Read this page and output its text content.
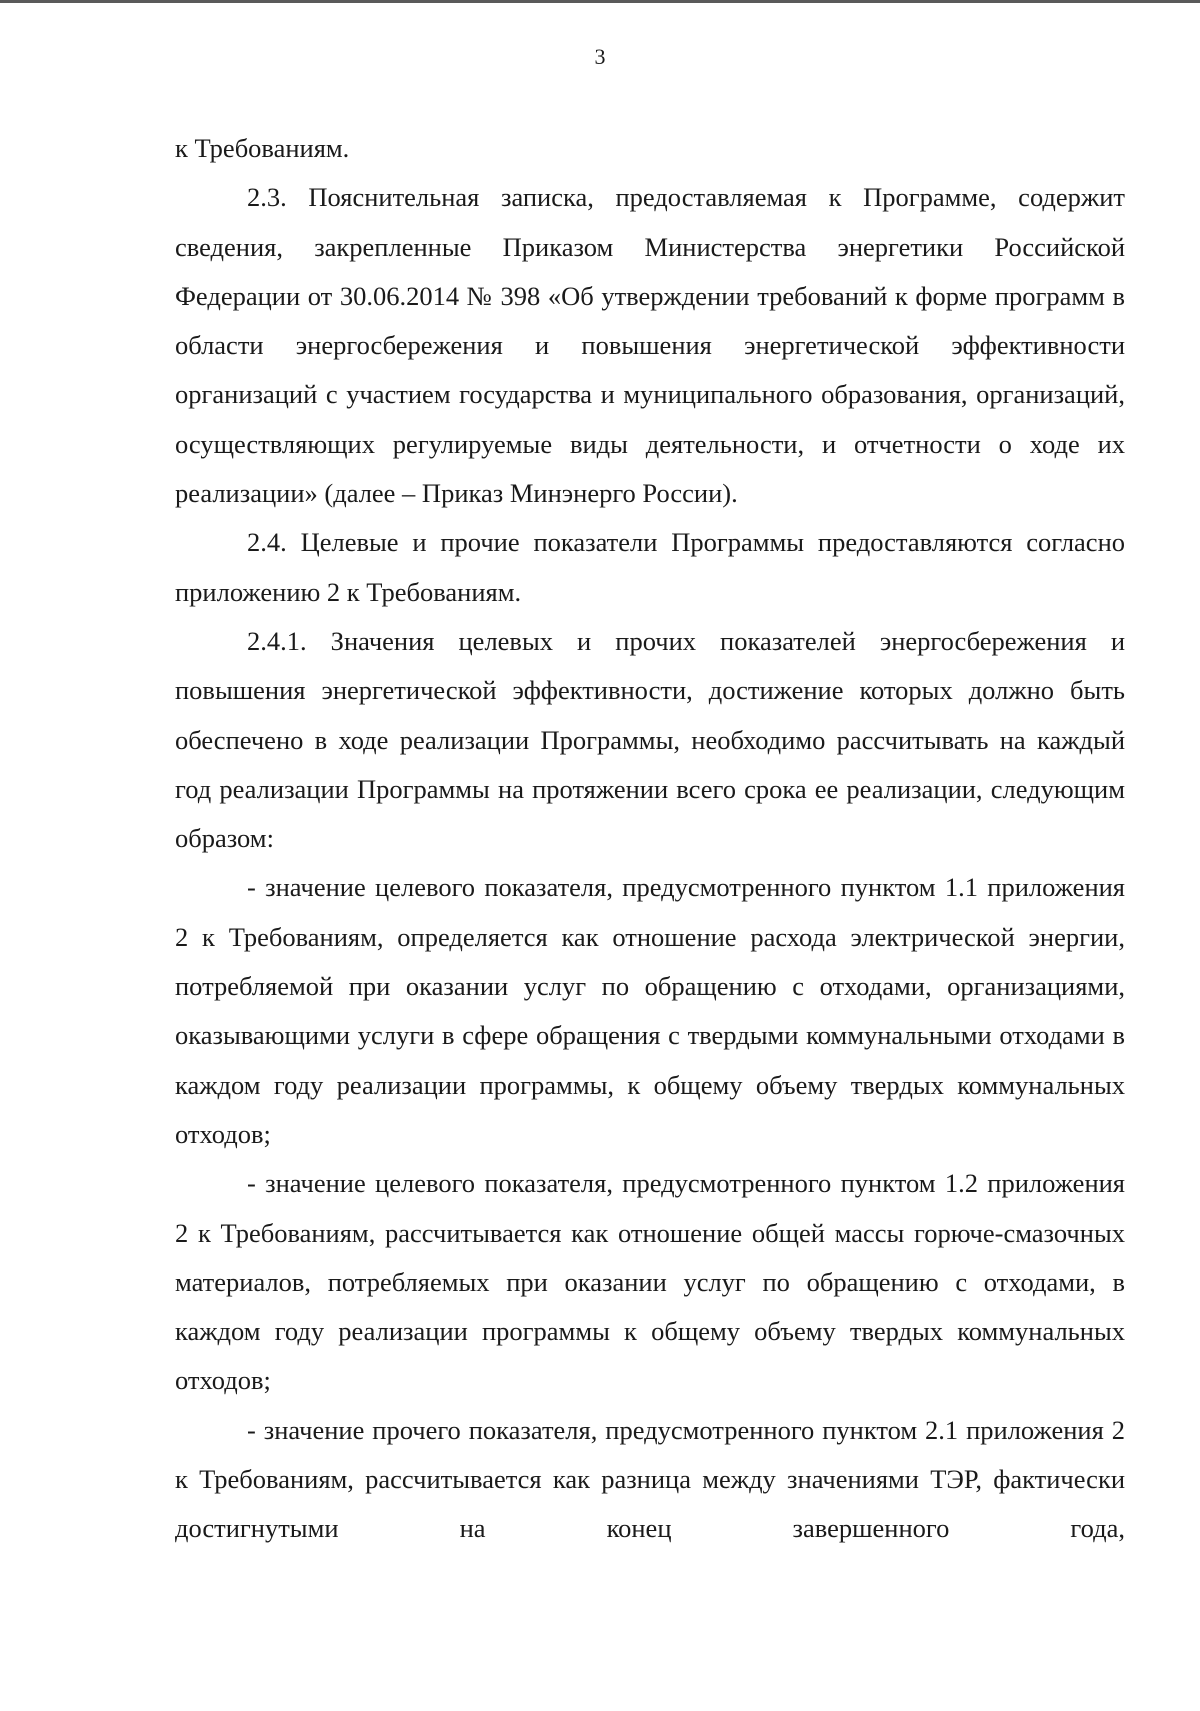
3

к Требованиям.

2.3. Пояснительная записка, предоставляемая к Программе, содержит сведения, закрепленные Приказом Министерства энергетики Российской Федерации от 30.06.2014 № 398 «Об утверждении требований к форме программ в области энергосбережения и повышения энергетической эффективности организаций с участием государства и муниципального образования, организаций, осуществляющих регулируемые виды деятельности, и отчетности о ходе их реализации» (далее – Приказ Минэнерго России).

2.4. Целевые и прочие показатели Программы предоставляются согласно приложению 2 к Требованиям.

2.4.1. Значения целевых и прочих показателей энергосбережения и повышения энергетической эффективности, достижение которых должно быть обеспечено в ходе реализации Программы, необходимо рассчитывать на каждый год реализации Программы на протяжении всего срока ее реализации, следующим образом:

- значение целевого показателя, предусмотренного пунктом 1.1 приложения 2 к Требованиям, определяется как отношение расхода электрической энергии, потребляемой при оказании услуг по обращению с отходами, организациями, оказывающими услуги в сфере обращения с твердыми коммунальными отходами в каждом году реализации программы, к общему объему твердых коммунальных отходов;

- значение целевого показателя, предусмотренного пунктом 1.2 приложения 2 к Требованиям, рассчитывается как отношение общей массы горюче-смазочных материалов, потребляемых при оказании услуг по обращению с отходами, в каждом году реализации программы к общему объему твердых коммунальных отходов;

- значение прочего показателя, предусмотренного пунктом 2.1 приложения 2 к Требованиям, рассчитывается как разница между значениями ТЭР, фактически достигнутыми на конец завершенного года,
